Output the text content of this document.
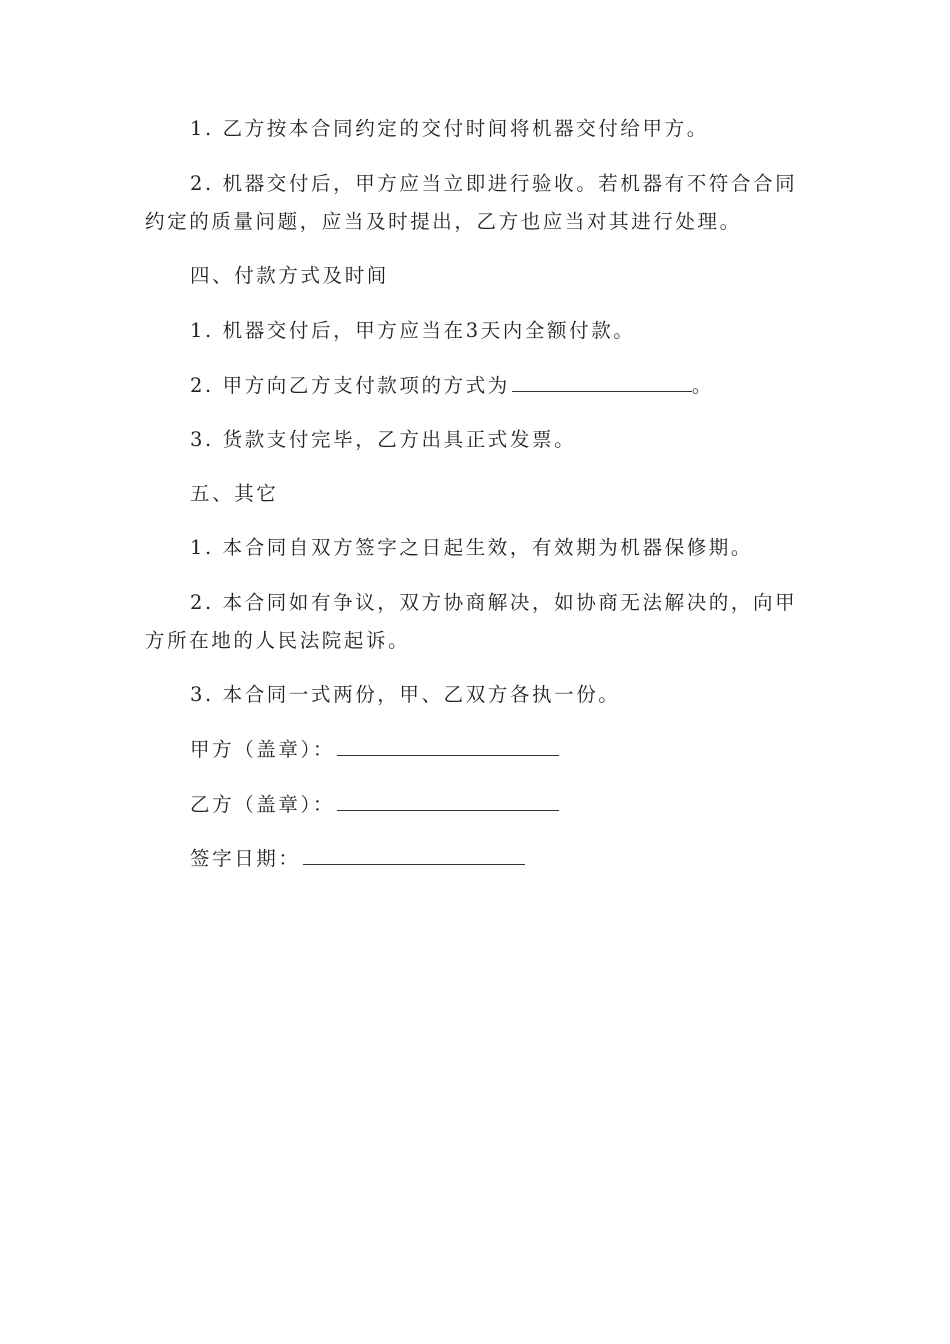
1. 乙方按本合同约定的交付时间将机器交付给甲方。
2. 机器交付后，甲方应当立即进行验收。若机器有不符合合同
约定的质量问题，应当及时提出，乙方也应当对其进行处理。
四、付款方式及时间
1. 机器交付后，甲方应当在3天内全额付款。
2. 甲方向乙方支付款项的方式为	。
3. 货款支付完毕，乙方出具正式发票。
五、其它
1. 本合同自双方签字之日起生效，有效期为机器保修期。
2. 本合同如有争议，双方协商解决，如协商无法解决的，向甲
方所在地的人民法院起诉。
3. 本合同一式两份，甲、乙双方各执一份。
甲方（盖章）：
乙方（盖章）：
签字日期：
